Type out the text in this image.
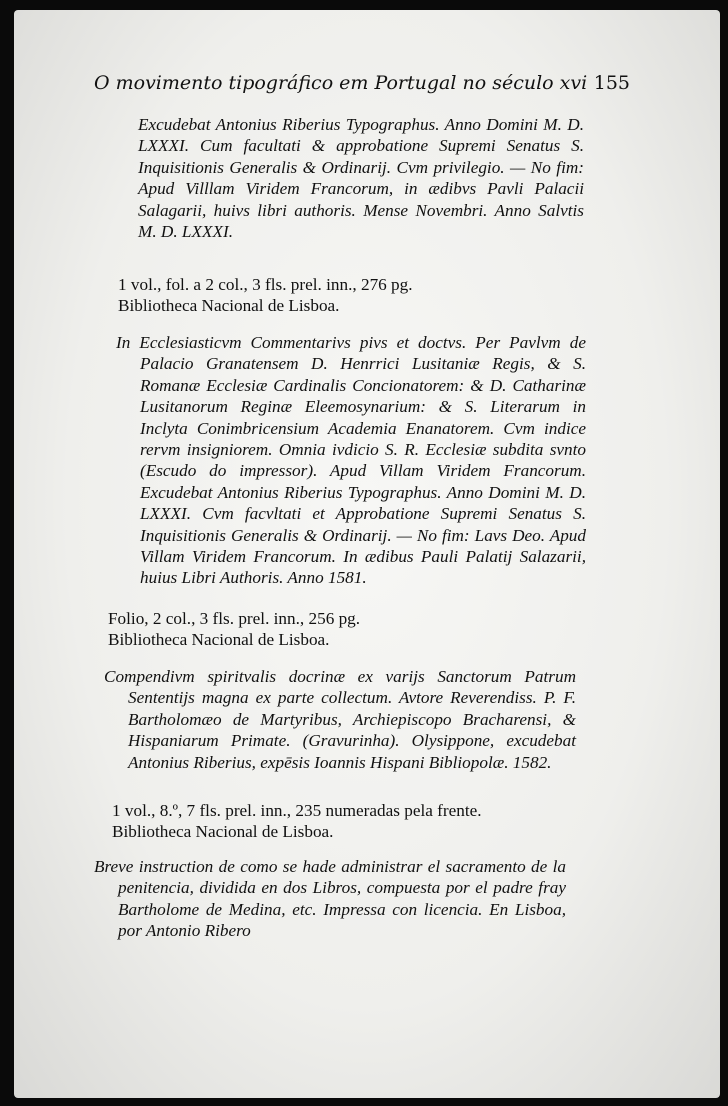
O movimento tipográfico em Portugal no século xvi 155

Excudebat Antonius Riberius Typographus. Anno Domini M. D. LXXXI. Cum facultati & approbatione Supremi Senatus S. Inquisitionis Generalis & Ordinarij. Cvm privilegio. — No fim: Apud Villlam Viridem Francorum, in ædibvs Pavli Palacii Salagarii, huivs libri authoris. Mense Novembri. Anno Salvtis M. D. LXXXI.

1 vol., fol. a 2 col., 3 fls. prel. inn., 276 pg.
Bibliotheca Nacional de Lisboa.

In Ecclesiasticvm Commentarivs pivs et doctvs. Per Pavlvm de Palacio Granatensem D. Henrrici Lusitaniæ Regis, & S. Romanæ Ecclesiæ Cardinalis Concionatorem: & D. Catharinæ Lusitanorum Reginæ Eleemosynarium: & S. Literarum in Inclyta Conimbricensium Academia Enanatorem. Cvm indice rervm insigniorem. Omnia ivdicio S. R. Ecclesiæ subdita svnto (Escudo do impressor). Apud Villam Viridem Francorum. Excudebat Antonius Riberius Typographus. Anno Domini M. D. LXXXI. Cvm facvltati et Approbatione Supremi Senatus S. Inquisitionis Generalis & Ordinarij. — No fim: Lavs Deo. Apud Villam Viridem Francorum. In ædibus Pauli Palatij Salazarii, huius Libri Authoris. Anno 1581.

Folio, 2 col., 3 fls. prel. inn., 256 pg.
Bibliotheca Nacional de Lisboa.

Compendivm spiritvalis docrinæ ex varijs Sanctorum Patrum Sententijs magna ex parte collectum. Avtore Reverendiss. P. F. Bartholomæo de Martyribus, Archiepiscopo Bracharensi, & Hispaniarum Primate. (Gravurinha). Olysippone, excudebat Antonius Riberius, expēsis Ioannis Hispani Bibliopolæ. 1582.

1 vol., 8.º, 7 fls. prel. inn., 235 numeradas pela frente.
Bibliotheca Nacional de Lisboa.

Breve instruction de como se hade administrar el sacramento de la penitencia, dividida en dos Libros, compuesta por el padre fray Bartholome de Medina, etc. Impressa con licencia. En Lisboa, por Antonio Ribero
